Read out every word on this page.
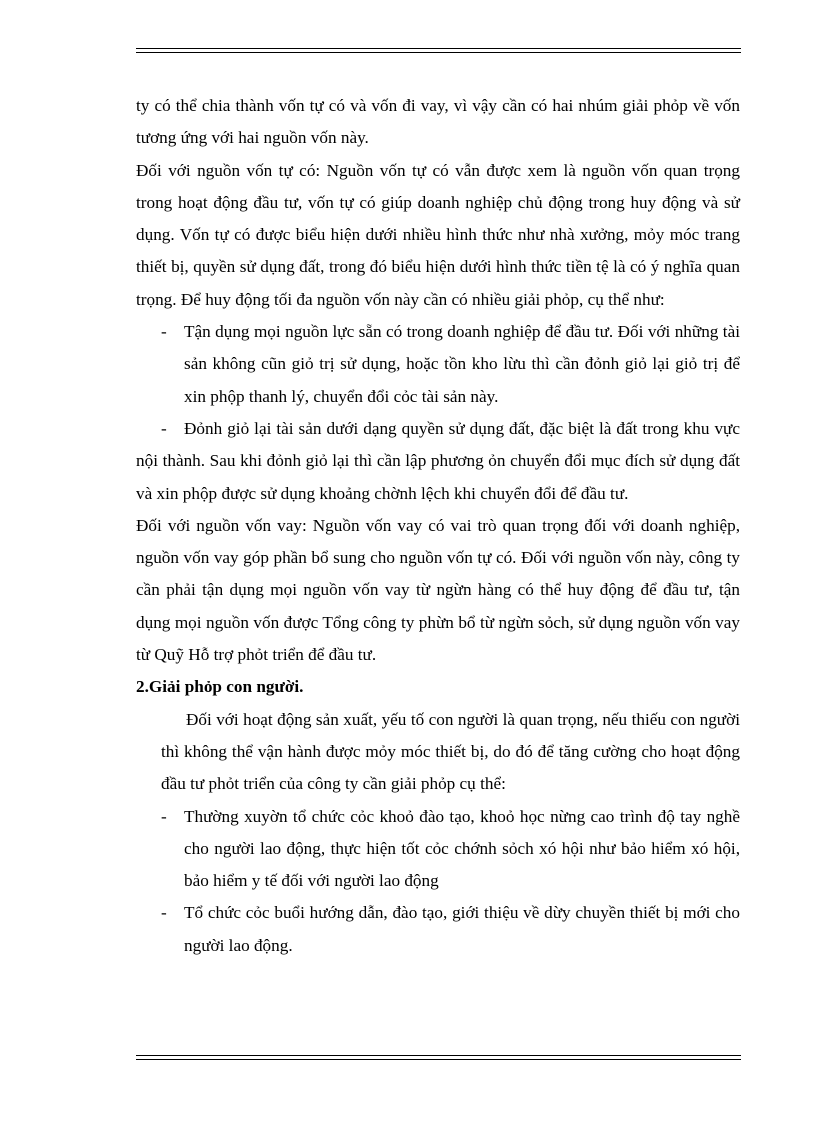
ty có thể chia thành vốn tự có và vốn đi vay, vì vậy cần có hai nhúm giải phỏp về vốn tương ứng với hai nguồn vốn này.

Đối với nguồn vốn tự có: Nguồn vốn tự có vẫn được xem là nguồn vốn quan trọng trong hoạt động đầu tư, vốn tự có giúp doanh nghiệp chủ động trong huy động và sử dụng. Vốn tự có được biểu hiện dưới nhiều hình thức như nhà xưởng, mỏy móc trang thiết bị, quyền sử dụng đất, trong đó biểu hiện dưới hình thức tiền tệ là có ý nghĩa quan trọng. Để huy động tối đa nguồn vốn này cần có nhiều giải phỏp, cụ thể như:

- Tận dụng mọi nguồn lực sẵn có trong doanh nghiệp để đầu tư. Đối với những tài sản không cũn giỏ trị sử dụng, hoặc tồn kho lừu thì cần đỏnh giỏ lại giỏ trị để xin phộp thanh lý, chuyển đổi cỏc tài sản này.

- Đỏnh giỏ lại tài sản dưới dạng quyền sử dụng đất, đặc biệt là đất trong khu vực nội thành. Sau khi đỏnh giỏ lại thì cần lập phương ỏn chuyển đổi mục đích sử dụng đất và xin phộp được sử dụng khoảng chờnh lệch khi chuyển đổi để đầu tư.

Đối với nguồn vốn vay: Nguồn vốn vay có vai trò quan trọng đối với doanh nghiệp, nguồn vốn vay góp phần bổ sung cho nguồn vốn tự có. Đối với nguồn vốn này, công ty cần phải tận dụng mọi nguồn vốn vay từ ngừn hàng có thể huy động để đầu tư, tận dụng mọi nguồn vốn được Tổng công ty phừn bổ từ ngừn sỏch, sử dụng nguồn vốn vay từ Quỹ Hỗ trợ phỏt triển để đầu tư.

2.Giải phỏp con người.

Đối với hoạt động sản xuất, yếu tố con người là quan trọng, nếu thiếu con người thì không thể vận hành được mỏy móc thiết bị, do đó để tăng cường cho hoạt động đầu tư phỏt triển của công ty cần giải phỏp cụ thể:

- Thường xuyờn tổ chức cỏc khoỏ đào tạo, khoỏ học nừng cao trình độ tay nghề cho người lao động, thực hiện tốt cỏc chớnh sỏch xó hội như bảo hiểm xó hội, bảo hiểm y tế đối với người lao động

- Tổ chức cỏc buổi hướng dẫn, đào tạo, giới thiệu về dừy chuyền thiết bị mới cho người lao động.
